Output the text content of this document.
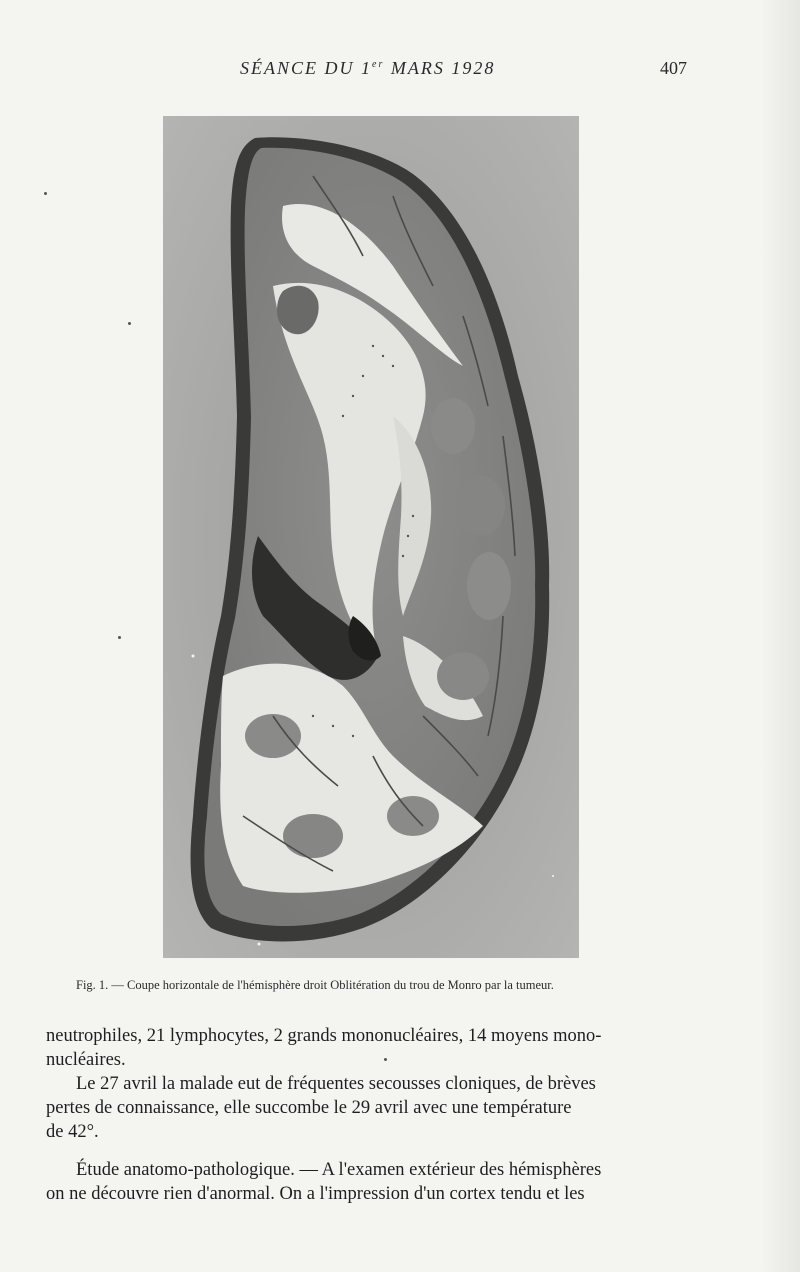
SÉANCE DU 1er MARS 1928	407
Fig. 1. — Coupe horizontale de l'hémisphère droit Oblitération du trou de Monro par la tumeur.
neutrophiles, 21 lymphocytes, 2 grands mononucléaires, 14 moyens mono-
nucléaires.
Le 27 avril la malade eut de fréquentes secousses cloniques, de brèves
pertes de connaissance, elle succombe le 29 avril avec une température
de 42°.
Étude anatomo-pathologique. — A l'examen extérieur des hémisphères
on ne découvre rien d'anormal. On a l'impression d'un cortex tendu et les
